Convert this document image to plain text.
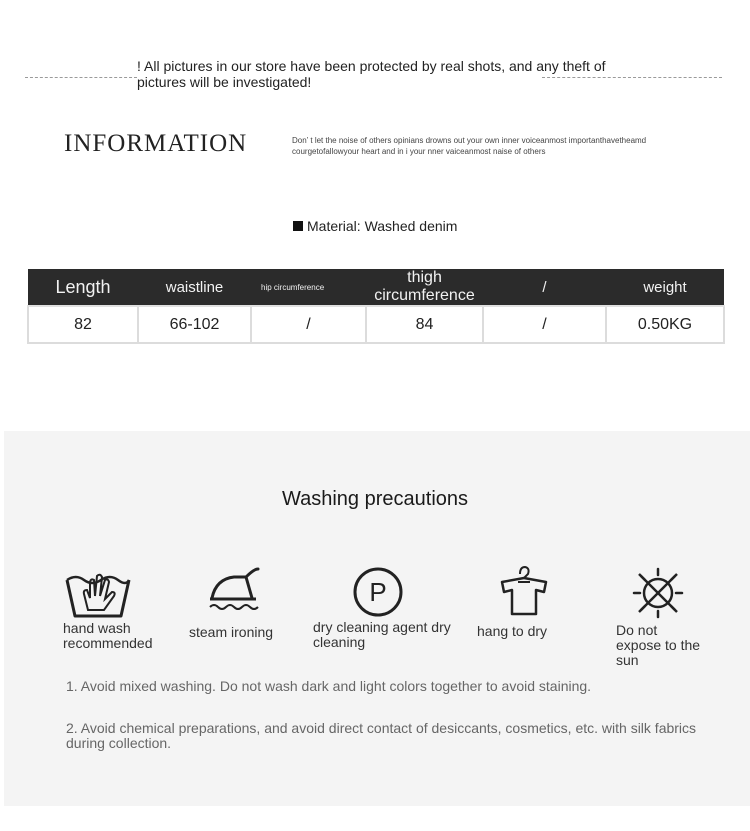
! All pictures in our store have been protected by real shots, and any theft of pictures will be investigated!
INFORMATION	Don’ t let the noise of others opinians drowns out your own inner voiceanmost importanthavetheamd courgetofallowyour heart and in i your nner vaiceanmost naise of others
Material: Washed denim
Length	waistline	hip circumference	thigh circumference	/	weight
82	66-102	/	84	/	0.50KG
Washing precautions
hand wash recommended
steam ironing
P
dry cleaning agent dry cleaning
hang to dry	Do not expose to the sun
1. Avoid mixed washing. Do not wash dark and light colors together to avoid staining.
2. Avoid chemical preparations, and avoid direct contact of desiccants, cosmetics, etc. with silk fabrics during collection.
